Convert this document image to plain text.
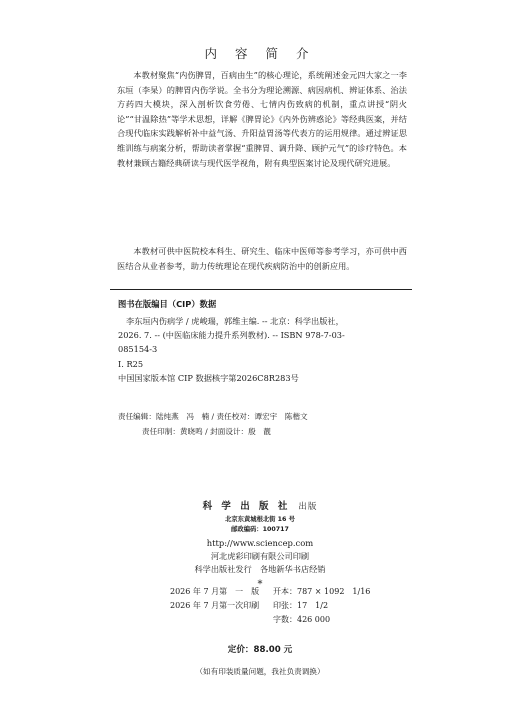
内 容 简 介

本教材聚焦“内伤脾胃，百病由生”的核心理论，系统阐述金元四大家之一李东垣（李杲）的脾胃内伤学说。全书分为理论溯源、病因病机、辨证体系、治法方药四大模块，深入剖析饮食劳倦、七情内伤致病的机制，重点讲授“阴火论”“甘温除热”等学术思想，详解《脾胃论》《内外伤辨惑论》等经典医案，并结合现代临床实践解析补中益气汤、升阳益胃汤等代表方的运用规律。通过辨证思维训练与病案分析，帮助读者掌握“重脾胃、调升降、顾护元气”的诊疗特色。本教材兼顾古籍经典研读与现代医学视角，附有典型医案讨论及现代研究进展。

本教材可供中医院校本科生、研究生、临床中医师等参考学习，亦可供中西医结合从业者参考，助力传统理论在现代疾病防治中的创新应用。

图书在版编目（CIP）数据
李东垣内伤病学 / 虎峻瑞，郭维主编. -- 北京：科学出版社，
2026. 7. -- (中医临床能力提升系列教材). -- ISBN 978-7-03-
085154-3
Ⅰ. R25
中国国家版本馆 CIP 数据核字第2026C8R283号
责任编辑：陆纯燕　冯　楠 / 责任校对：谭宏宇　陈楷文
责任印制：黄晓鸣 / 封面设计：殷　靓
科 学 出 版 社 出版
北京东黄城根北街 16 号
邮政编码：100717
http://www.sciencep.com
河北虎彩印刷有限公司印刷
科学出版社发行　各地新华书店经销
*
2026 年 7 月第　一　版 开本：787 × 1092　1/16
2026 年 7 月第一次印刷 印张：17　1/2
字数：426 000
定价：88.00 元
（如有印装质量问题，我社负责调换）
